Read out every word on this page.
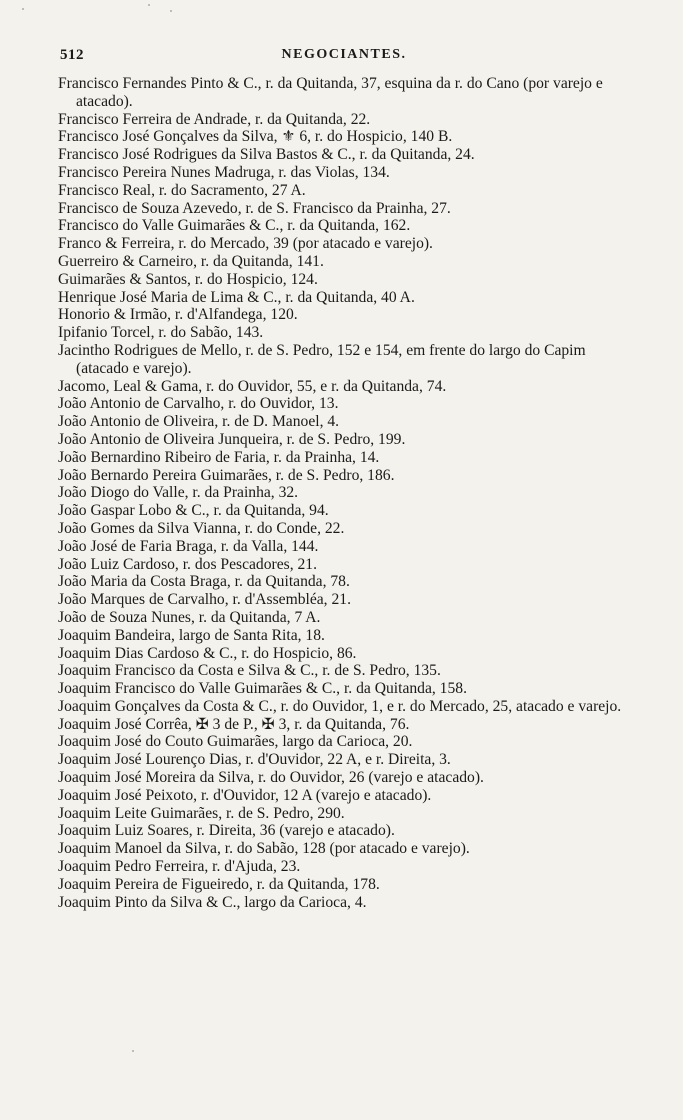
512	NEGOCIANTES.

Francisco Fernandes Pinto & C., r. da Quitanda, 37, esquina da r. do Cano (por varejo e atacado).

Francisco Ferreira de Andrade, r. da Quitanda, 22.

Francisco José Gonçalves da Silva, ⚜ 6, r. do Hospicio, 140 B.

Francisco José Rodrigues da Silva Bastos & C., r. da Quitanda, 24.

Francisco Pereira Nunes Madruga, r. das Violas, 134.

Francisco Real, r. do Sacramento, 27 A.

Francisco de Souza Azevedo, r. de S. Francisco da Prainha, 27.

Francisco do Valle Guimarães & C., r. da Quitanda, 162.

Franco & Ferreira, r. do Mercado, 39 (por atacado e varejo).

Guerreiro & Carneiro, r. da Quitanda, 141.

Guimarães & Santos, r. do Hospicio, 124.

Henrique José Maria de Lima & C., r. da Quitanda, 40 A.

Honorio & Irmão, r. d'Alfandega, 120.

Ipifanio Torcel, r. do Sabão, 143.

Jacintho Rodrigues de Mello, r. de S. Pedro, 152 e 154, em frente do largo do Capim (atacado e varejo).

Jacomo, Leal & Gama, r. do Ouvidor, 55, e r. da Quitanda, 74.

João Antonio de Carvalho, r. do Ouvidor, 13.

João Antonio de Oliveira, r. de D. Manoel, 4.

João Antonio de Oliveira Junqueira, r. de S. Pedro, 199.

João Bernardino Ribeiro de Faria, r. da Prainha, 14.

João Bernardo Pereira Guimarães, r. de S. Pedro, 186.

João Diogo do Valle, r. da Prainha, 32.

João Gaspar Lobo & C., r. da Quitanda, 94.

João Gomes da Silva Vianna, r. do Conde, 22.

João José de Faria Braga, r. da Valla, 144.

João Luiz Cardoso, r. dos Pescadores, 21.

João Maria da Costa Braga, r. da Quitanda, 78.

João Marques de Carvalho, r. d'Assembléa, 21.

João de Souza Nunes, r. da Quitanda, 7 A.

Joaquim Bandeira, largo de Santa Rita, 18.

Joaquim Dias Cardoso & C., r. do Hospicio, 86.

Joaquim Francisco da Costa e Silva & C., r. de S. Pedro, 135.

Joaquim Francisco do Valle Guimarães & C., r. da Quitanda, 158.

Joaquim Gonçalves da Costa & C., r. do Ouvidor, 1, e r. do Mercado, 25, atacado e varejo.

Joaquim José Corrêa, ✠ 3 de P., ✠ 3, r. da Quitanda, 76.

Joaquim José do Couto Guimarães, largo da Carioca, 20.

Joaquim José Lourenço Dias, r. d'Ouvidor, 22 A, e r. Direita, 3.

Joaquim José Moreira da Silva, r. do Ouvidor, 26 (varejo e atacado).

Joaquim José Peixoto, r. d'Ouvidor, 12 A (varejo e atacado).

Joaquim Leite Guimarães, r. de S. Pedro, 290.

Joaquim Luiz Soares, r. Direita, 36 (varejo e atacado).

Joaquim Manoel da Silva, r. do Sabão, 128 (por atacado e varejo).

Joaquim Pedro Ferreira, r. d'Ajuda, 23.

Joaquim Pereira de Figueiredo, r. da Quitanda, 178.

Joaquim Pinto da Silva & C., largo da Carioca, 4.
